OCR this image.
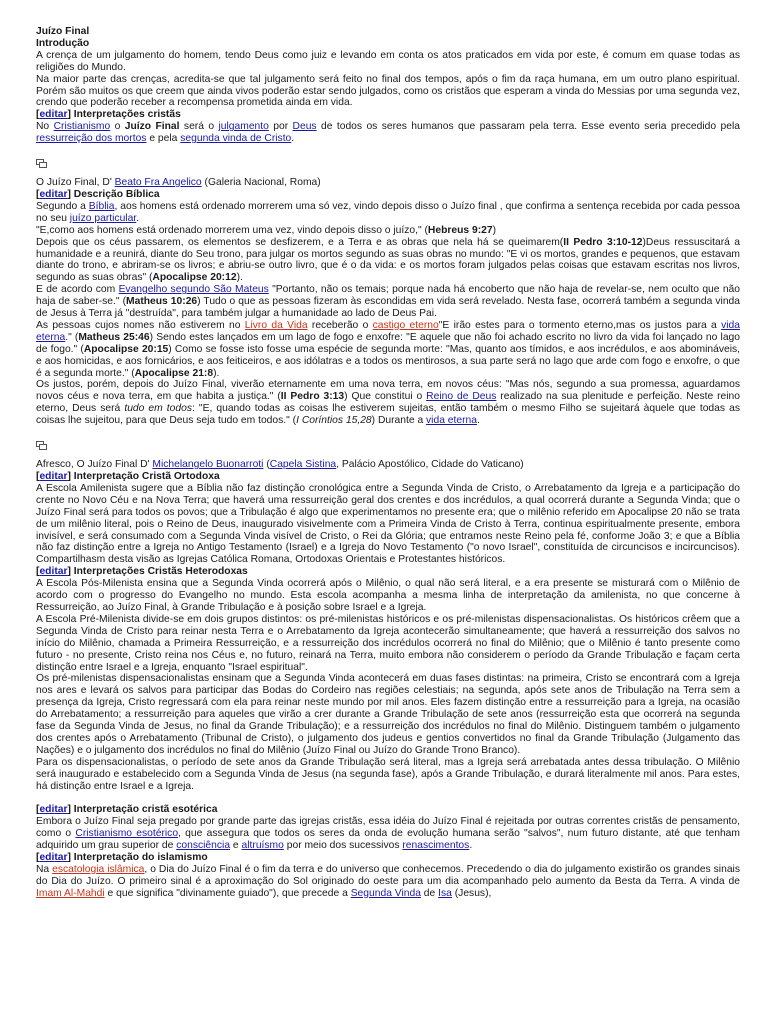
Juízo Final

Introdução

A crença de um julgamento do homem, tendo Deus como juiz e levando em conta os atos praticados em vida por este, é comum em quase todas as religiões do Mundo.

Na maior parte das crenças, acredita-se que tal julgamento será feito no final dos tempos, após o fim da raça humana, em um outro plano espiritual. Porém são muitos os que creem que ainda vivos poderão estar sendo julgados, como os cristãos que esperam a vinda do Messias por uma segunda vez, crendo que poderão receber a recompensa prometida ainda em vida.

[editar] Interpretações cristãs

No Cristianismo o Juízo Final será o julgamento por Deus de todos os seres humanos que passaram pela terra. Esse evento seria precedido pela ressurreição dos mortos e pela segunda vinda de Cristo.

O Juízo Final, D' Beato Fra Angelico (Galeria Nacional, Roma)

[editar] Descrição Bíblica

Segundo a Bíblia, aos homens está ordenado morrerem uma só vez, vindo depois disso o Juízo final , que confirma a sentença recebida por cada pessoa no seu juízo particular.

"E,como aos homens está ordenado morrerem uma vez, vindo depois disso o juízo," (Hebreus 9:27)

Depois que os céus passarem, os elementos se desfizerem, e a Terra e as obras que nela há se queimarem(II Pedro 3:10-12)Deus ressuscitará a humanidade e a reunirá, diante do Seu trono, para julgar os mortos segundo as suas obras no mundo: "E vi os mortos, grandes e pequenos, que estavam diante do trono, e abriram-se os livros; e abriu-se outro livro, que é o da vida: e os mortos foram julgados pelas coisas que estavam escritas nos livros, segundo as suas obras" (Apocalipse 20:12).

E de acordo com Evangelho segundo São Mateus "Portanto, não os temais; porque nada há encoberto que não haja de revelar-se, nem oculto que não haja de saber-se." (Matheus 10:26) Tudo o que as pessoas fizeram às escondidas em vida será revelado. Nesta fase, ocorrerá também a segunda vinda de Jesus à Terra já "destruída", para também julgar a humanidade ao lado de Deus Pai.

As pessoas cujos nomes não estiverem no Livro da Vida receberão o castigo eterno"E irão estes para o tormento eterno,mas os justos para a vida eterna." (Matheus 25:46) Sendo estes lançados em um lago de fogo e enxofre: "E aquele que não foi achado escrito no livro da vida foi lançado no lago de fogo." (Apocalipse 20:15) Como se fosse isto fosse uma espécie de segunda morte: "Mas, quanto aos tímidos, e aos incrédulos, e aos abomináveis, e aos homicidas, e aos fornicários, e aos feiticeiros, e aos idólatras e a todos os mentirosos, a sua parte será no lago que arde com fogo e enxofre, o que é a segunda morte." (Apocalipse 21:8).

Os justos, porém, depois do Juízo Final, viverão eternamente em uma nova terra, em novos céus: "Mas nós, segundo a sua promessa, aguardamos novos céus e nova terra, em que habita a justiça." (II Pedro 3:13) Que constitui o Reino de Deus realizado na sua plenitude e perfeição. Neste reino eterno, Deus será tudo em todos: "E, quando todas as coisas lhe estiverem sujeitas, então também o mesmo Filho se sujeitará àquele que todas as coisas lhe sujeitou, para que Deus seja tudo em todos." (I Coríntios 15,28) Durante a vida eterna.

Afresco, O Juízo Final D' Michelangelo Buonarroti (Capela Sistina, Palácio Apostólico, Cidade do Vaticano)

[editar] Interpretação Cristã Ortodoxa

A Escola Amilenista sugere que a Bíblia não faz distinção cronológica entre a Segunda Vinda de Cristo, o Arrebatamento da Igreja e a participação do crente no Novo Céu e na Nova Terra; que haverá uma ressurreição geral dos crentes e dos incrédulos, a qual ocorrerá durante a Segunda Vinda; que o Juízo Final será para todos os povos; que a Tribulação é algo que experimentamos no presente era; que o milênio referido em Apocalipse 20 não se trata de um milênio literal, pois o Reino de Deus, inaugurado visivelmente com a Primeira Vinda de Cristo à Terra, continua espiritualmente presente, embora invisível, e será consumado com a Segunda Vinda visível de Cristo, o Rei da Glória; que entramos neste Reino pela fé, conforme João 3; e que a Bíblia não faz distinção entre a Igreja no Antigo Testamento (Israel) e a Igreja do Novo Testamento ("o novo Israel", constituída de circuncisos e incircuncisos). Compartilhasm desta visão as Igrejas Católica Romana, Ortodoxas Orientais e Protestantes históricos.

[editar] Interpretações Cristãs Heterodoxas

A Escola Pós-Milenista ensina que a Segunda Vinda ocorrerá após o Milênio, o qual não será literal, e a era presente se misturará com o Milênio de acordo com o progresso do Evangelho no mundo. Esta escola acompanha a mesma linha de interpretação da amilenista, no que concerne à Ressurreição, ao Juízo Final, à Grande Tribulação e à posição sobre Israel e a Igreja.

A Escola Pré-Milenista divide-se em dois grupos distintos: os pré-milenistas históricos e os pré-milenistas dispensacionalistas. Os históricos crêem que a Segunda Vinda de Cristo para reinar nesta Terra e o Arrebatamento da Igreja acontecerão simultaneamente; que haverá a ressurreição dos salvos no início do Milênio, chamada a Primeira Ressurreição, e a ressurreição dos incrédulos ocorrerá no final do Milênio; que o Milênio é tanto presente como futuro - no presente, Cristo reina nos Céus e, no futuro, reinará na Terra, muito embora não considerem o período da Grande Tribulação e façam certa distinção entre Israel e a Igreja, enquanto "Israel espiritual".

Os pré-milenistas dispensacionalistas ensinam que a Segunda Vinda acontecerá em duas fases distintas: na primeira, Cristo se encontrará com a Igreja nos ares e levará os salvos para participar das Bodas do Cordeiro nas regiões celestiais; na segunda, após sete anos de Tribulação na Terra sem a presença da Igreja, Cristo regressará com ela para reinar neste mundo por mil anos. Eles fazem distinção entre a ressurreição para a Igreja, na ocasião do Arrebatamento; a ressurreição para aqueles que virão a crer durante a Grande Tribulação de sete anos (ressurreição esta que ocorrerá na segunda fase da Segunda Vinda de Jesus, no final da Grande Tribulação); e a ressurreição dos incrédulos no final do Milênio. Distinguem também o julgamento dos crentes após o Arrebatamento (Tribunal de Cristo), o julgamento dos judeus e gentios convertidos no final da Grande Tribulação (Julgamento das Nações) e o julgamento dos incrédulos no final do Milênio (Juízo Final ou Juízo do Grande Trono Branco).

Para os dispensacionalistas, o período de sete anos da Grande Tribulação será literal, mas a Igreja será arrebatada antes dessa tribulação. O Milênio será inaugurado e estabelecido com a Segunda Vinda de Jesus (na segunda fase), após a Grande Tribulação, e durará literalmente mil anos. Para estes, há distinção entre Israel e a Igreja.

[editar] Interpretação cristã esotérica

Embora o Juízo Final seja pregado por grande parte das igrejas cristãs, essa idéia do Juízo Final é rejeitada por outras correntes cristãs de pensamento, como o Cristianismo esotérico, que assegura que todos os seres da onda de evolução humana serão "salvos", num futuro distante, até que tenham adquirido um grau superior de consciência e altruísmo por meio dos sucessivos renascimentos.

[editar] Interpretação do islamismo

Na escatologia islâmica, o Dia do Juízo Final é o fim da terra e do universo que conhecemos. Precedendo o dia do julgamento existirão os grandes sinais do Dia do Juízo. O primeiro sinal é a aproximação do Sol originado do oeste para um dia acompanhado pelo aumento da Besta da Terra. A vinda de Imam Al-Mahdi e que significa "divinamente guiado"), que precede a Segunda Vinda de Isa (Jesus),
